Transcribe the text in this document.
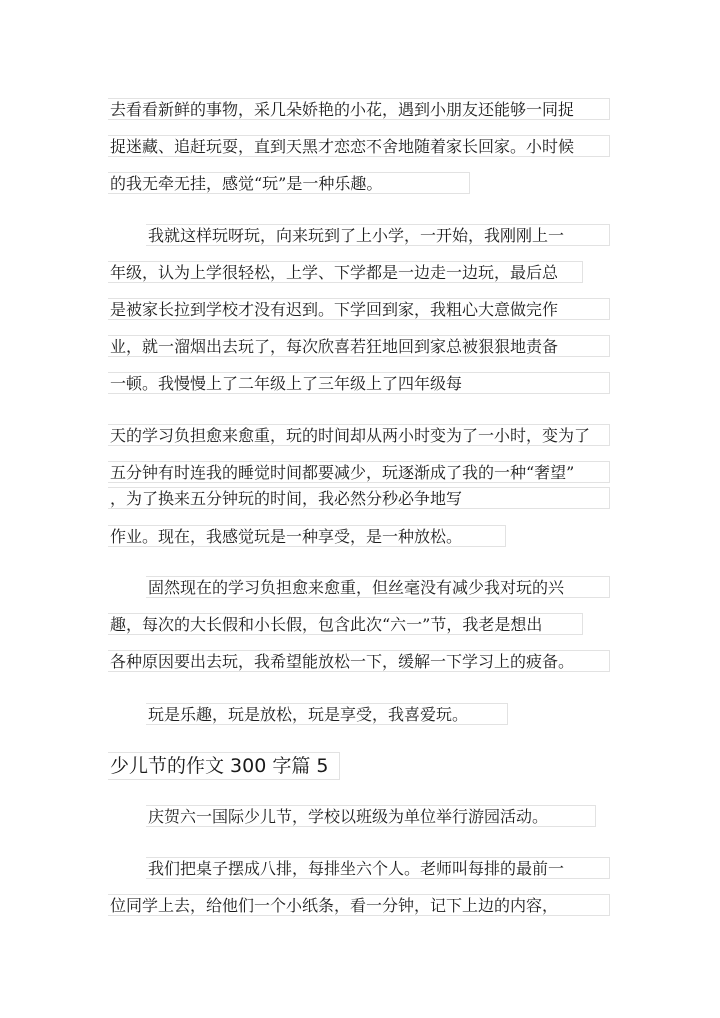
去看看新鲜的事物，采几朵娇艳的小花，遇到小朋友还能够一同捉
捉迷藏、追赶玩耍，直到天黑才恋恋不舍地随着家长回家。小时候
的我无牵无挂，感觉“玩”是一种乐趣。
我就这样玩呀玩，向来玩到了上小学，一开始，我刚刚上一
年级，认为上学很轻松，上学、下学都是一边走一边玩，最后总
是被家长拉到学校才没有迟到。下学回到家，我粗心大意做完作
业，就一溜烟出去玩了，每次欣喜若狂地回到家总被狠狠地责备
一顿。我慢慢上了二年级上了三年级上了四年级每
天的学习负担愈来愈重，玩的时间却从两小时变为了一小时，变为了
五分钟有时连我的睡觉时间都要减少，玩逐渐成了我的一种“奢望”
，为了换来五分钟玩的时间，我必然分秒必争地写
作业。现在，我感觉玩是一种享受，是一种放松。
固然现在的学习负担愈来愈重，但丝毫没有减少我对玩的兴
趣，每次的大长假和小长假，包含此次“六一”节，我老是想出
各种原因要出去玩，我希望能放松一下，缓解一下学习上的疲备。
玩是乐趣，玩是放松，玩是享受，我喜爱玩。
少儿节的作文 300 字篇 5
庆贺六一国际少儿节，学校以班级为单位举行游园活动。
我们把桌子摆成八排，每排坐六个人。老师叫每排的最前一
位同学上去，给他们一个小纸条，看一分钟，记下上边的内容，
